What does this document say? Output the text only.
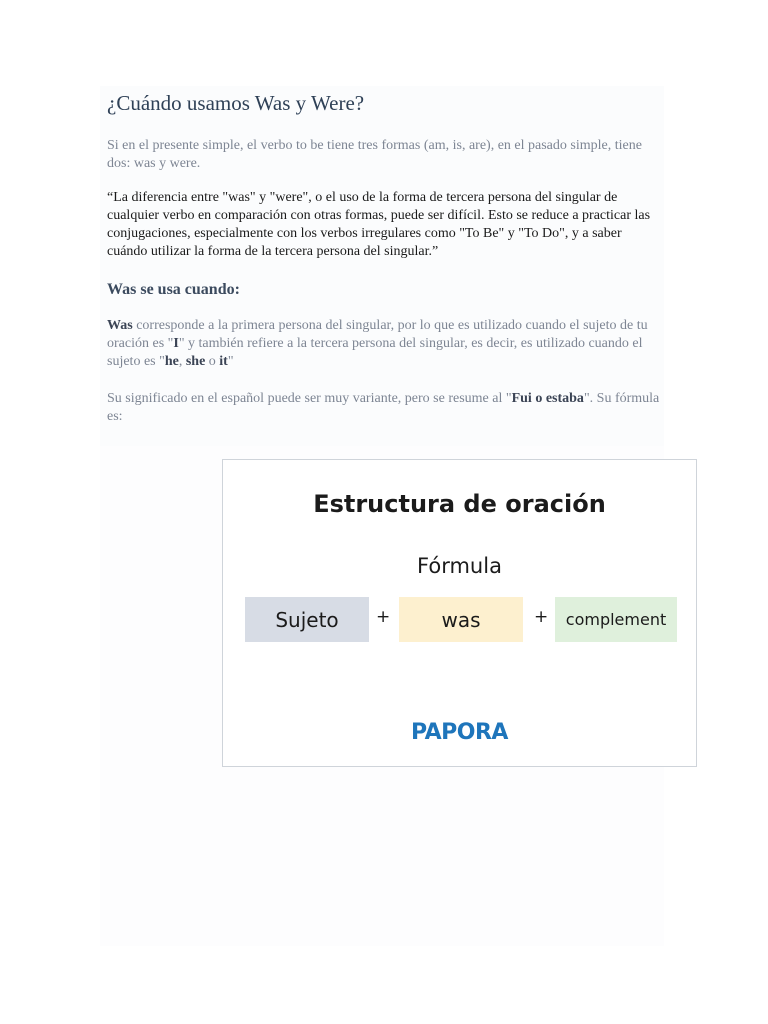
¿Cuándo usamos Was y Were?

Si en el presente simple, el verbo to be tiene tres formas (am, is, are), en el pasado simple, tiene dos: was y were.

“La diferencia entre "was" y "were", o el uso de la forma de tercera persona del singular de cualquier verbo en comparación con otras formas, puede ser difícil. Esto se reduce a practicar las conjugaciones, especialmente con los verbos irregulares como "To Be" y "To Do", y a saber cuándo utilizar la forma de la tercera persona del singular.”

Was se usa cuando:

Was corresponde a la primera persona del singular, por lo que es utilizado cuando el sujeto de tu oración es "I" y también refiere a la tercera persona del singular, es decir, es utilizado cuando el sujeto es "he, she o it"

Su significado en el español puede ser muy variante, pero se resume al "Fui o estaba". Su fórmula es:

Estructura de oración
Fórmula
Sujeto	+	was	+	complement
PAPORA
